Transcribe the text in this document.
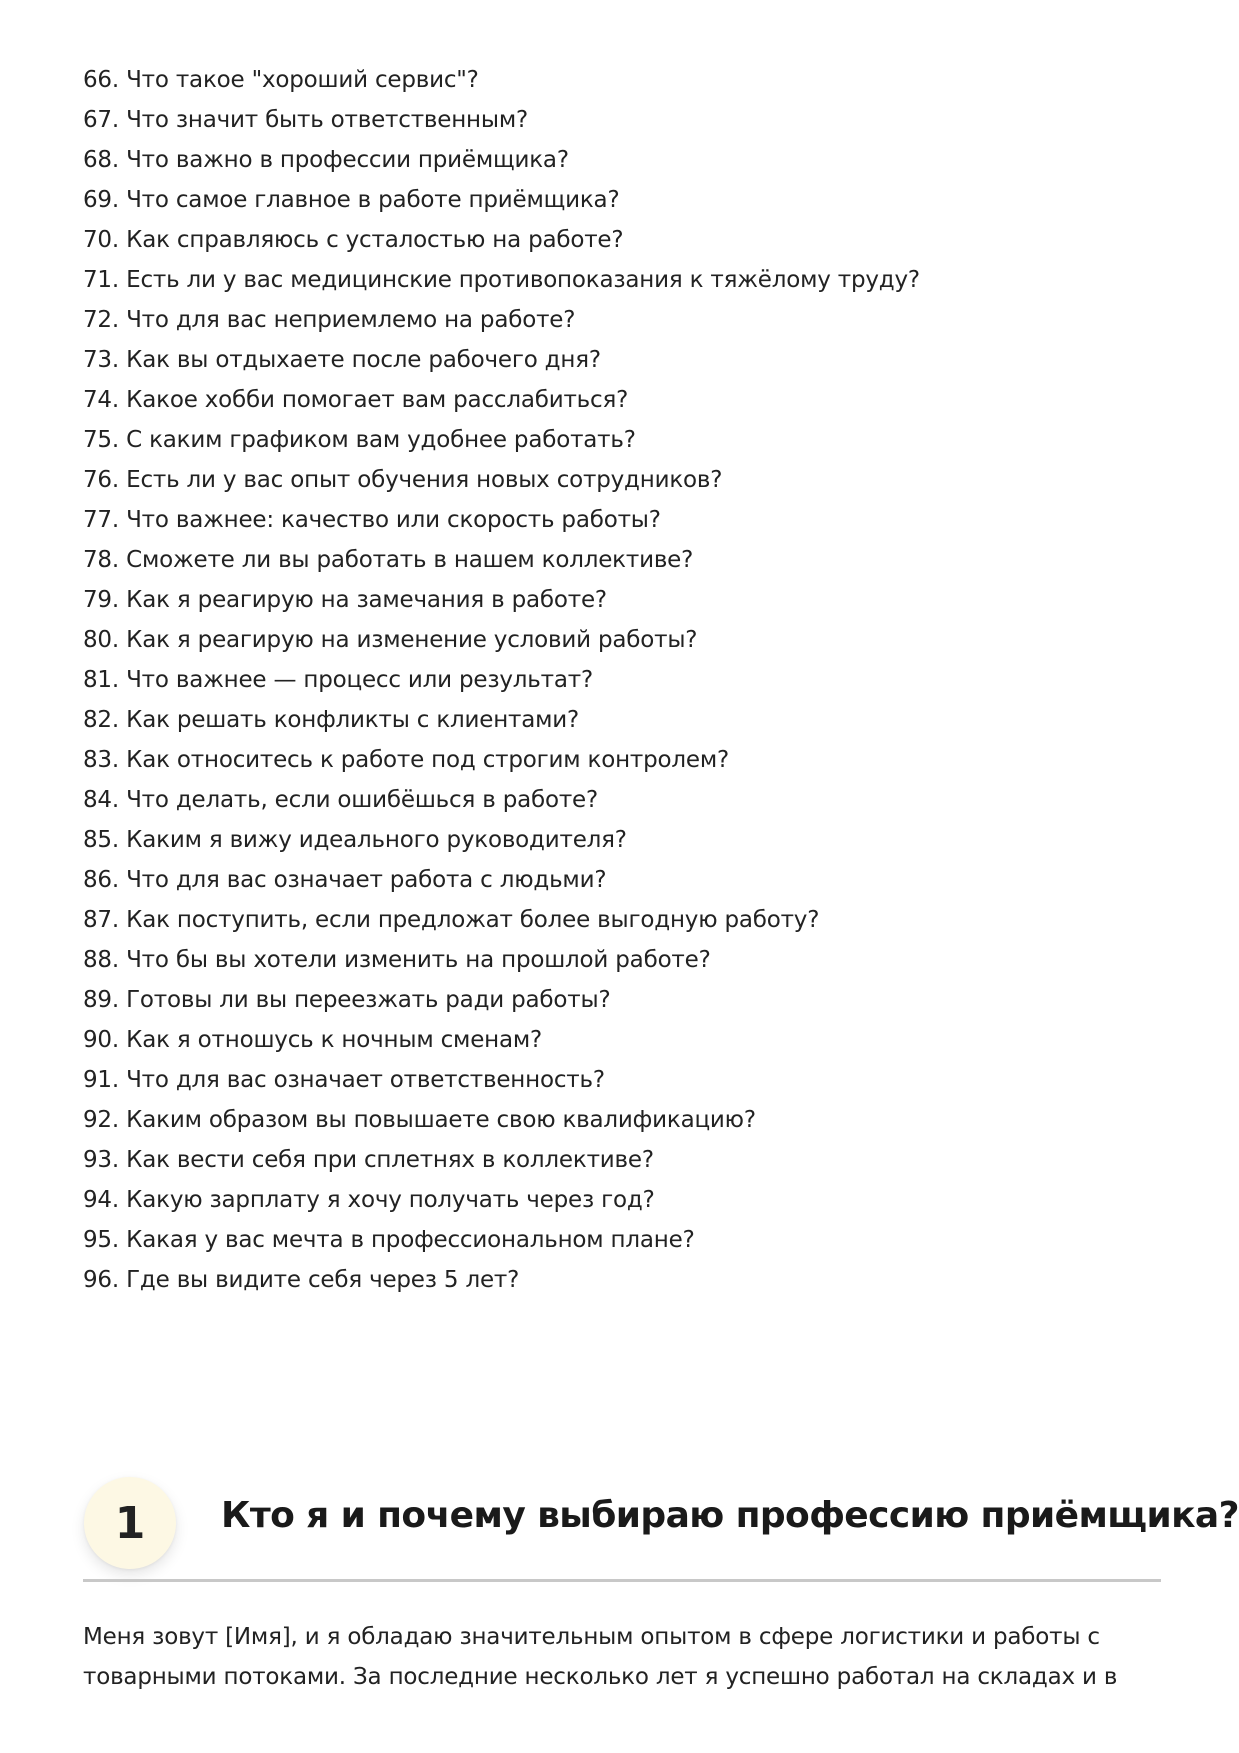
66. Что такое "хороший сервис"?
67. Что значит быть ответственным?
68. Что важно в профессии приёмщика?
69. Что самое главное в работе приёмщика?
70. Как справляюсь с усталостью на работе?
71. Есть ли у вас медицинские противопоказания к тяжёлому труду?
72. Что для вас неприемлемо на работе?
73. Как вы отдыхаете после рабочего дня?
74. Какое хобби помогает вам расслабиться?
75. С каким графиком вам удобнее работать?
76. Есть ли у вас опыт обучения новых сотрудников?
77. Что важнее: качество или скорость работы?
78. Сможете ли вы работать в нашем коллективе?
79. Как я реагирую на замечания в работе?
80. Как я реагирую на изменение условий работы?
81. Что важнее — процесс или результат?
82. Как решать конфликты с клиентами?
83. Как относитесь к работе под строгим контролем?
84. Что делать, если ошибёшься в работе?
85. Каким я вижу идеального руководителя?
86. Что для вас означает работа с людьми?
87. Как поступить, если предложат более выгодную работу?
88. Что бы вы хотели изменить на прошлой работе?
89. Готовы ли вы переезжать ради работы?
90. Как я отношусь к ночным сменам?
91. Что для вас означает ответственность?
92. Каким образом вы повышаете свою квалификацию?
93. Как вести себя при сплетнях в коллективе?
94. Какую зарплату я хочу получать через год?
95. Какая у вас мечта в профессиональном плане?
96. Где вы видите себя через 5 лет?
1	Кто я и почему выбираю профессию приёмщика?

Меня зовут [Имя], и я обладаю значительным опытом в сфере логистики и работы с
товарными потоками. За последние несколько лет я успешно работал на складах и в
